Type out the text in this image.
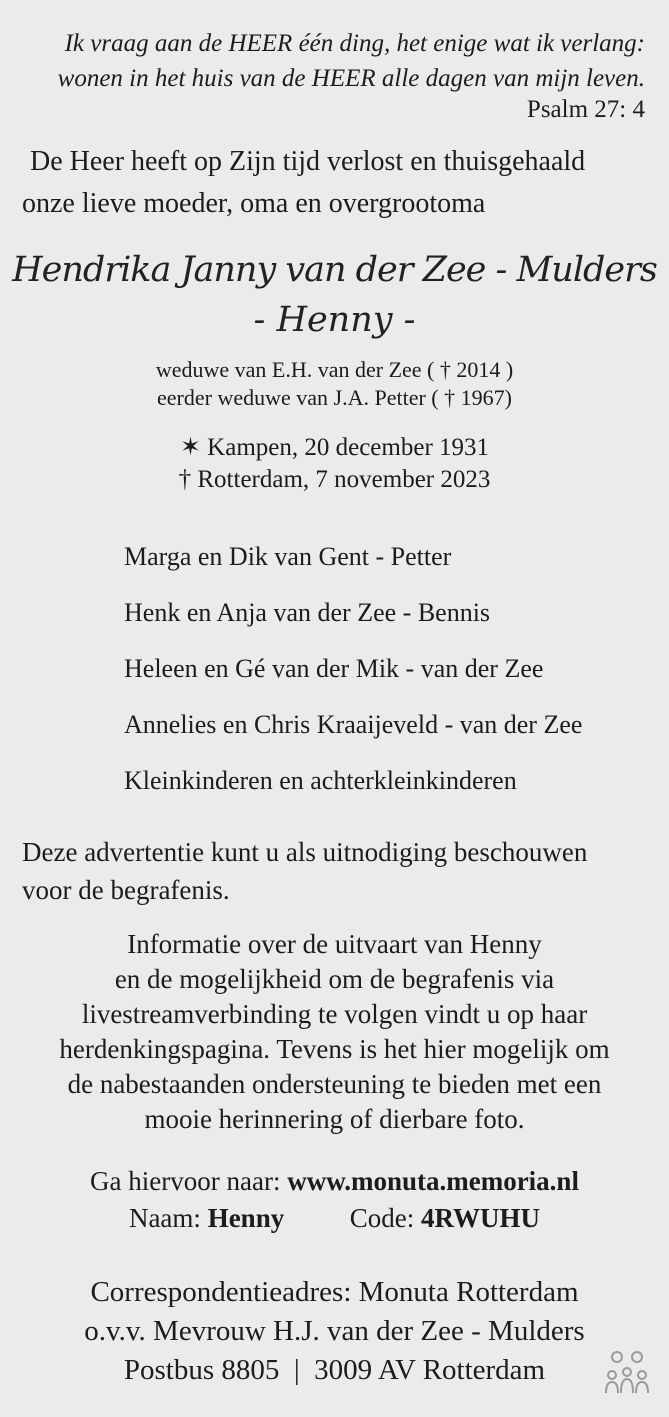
Ik vraag aan de HEER één ding, het enige wat ik verlang:
wonen in het huis van de HEER alle dagen van mijn leven.
Psalm 27: 4
De Heer heeft op Zijn tijd verlost en thuisgehaald
onze lieve moeder, oma en overgrootoma
Hendrika Janny van der Zee - Mulders
- Henny -
weduwe van E.H. van der Zee ( † 2014 )
eerder weduwe van J.A. Petter ( † 1967)
✶ Kampen, 20 december 1931
† Rotterdam, 7 november 2023
Marga en Dik van Gent - Petter
Henk en Anja van der Zee - Bennis
Heleen en Gé van der Mik - van der Zee
Annelies en Chris Kraaijeveld - van der Zee
Kleinkinderen en achterkleinkinderen
Deze advertentie kunt u als uitnodiging beschouwen
voor de begrafenis.
Informatie over de uitvaart van Henny
en de mogelijkheid om de begrafenis via
livestreamverbinding te volgen vindt u op haar
herdenkingspagina. Tevens is het hier mogelijk om
de nabestaanden ondersteuning te bieden met een
mooie herinnering of dierbare foto.
Ga hiervoor naar: www.monuta.memoria.nl
Naam: Henny Code: 4RWUHU
Correspondentieadres: Monuta Rotterdam
o.v.v. Mevrouw H.J. van der Zee - Mulders
Postbus 8805  |  3009 AV Rotterdam
